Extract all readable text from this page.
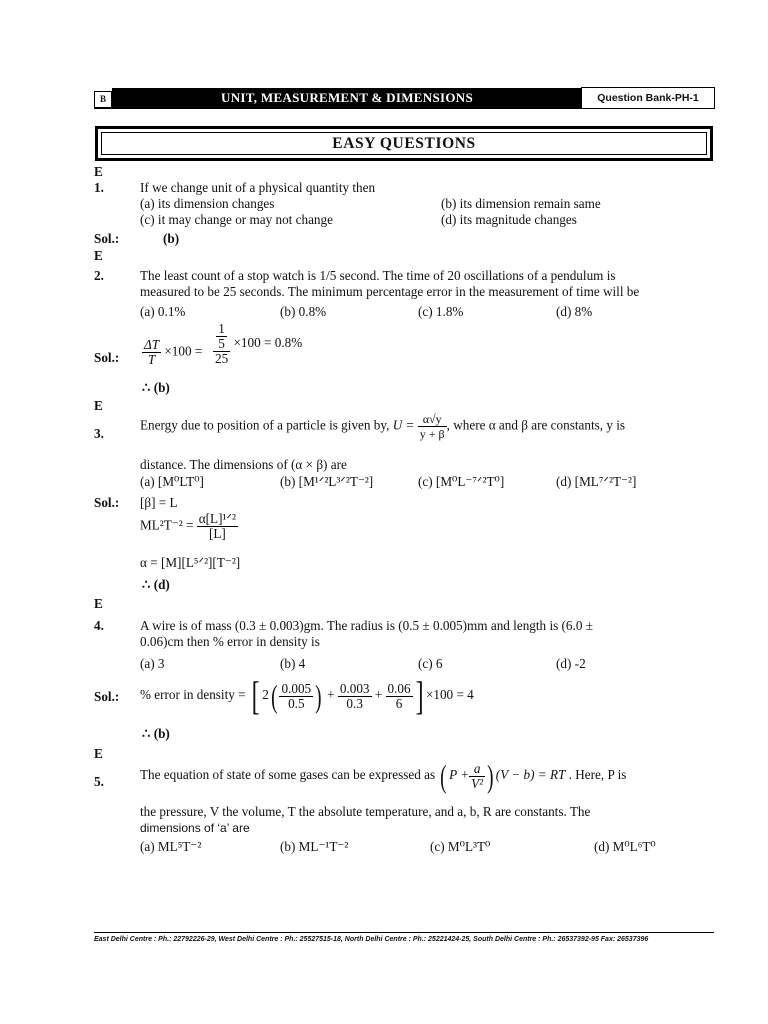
B	UNIT, MEASUREMENT & DIMENSIONS	Question Bank-PH-1
EASY QUESTIONS
E
1.	If we change unit of a physical quantity then
(a) its dimension changes	(b) its dimension remain same
(c) it may change or may not change	(d) its magnitude changes
Sol.:	(b)
E
2.	The least count of a stop watch is 1/5 second. The time of 20 oscillations of a pendulum is
measured to be 25 seconds. The minimum percentage error in the measurement of time will be
(a) 0.1%	(b) 0.8%	(c) 1.8%	(d) 8%
Sol.: $\frac{\Delta T}{T} \times 100 = \frac{\frac{1}{5}}{25} \times 100 = 0.8\%$
∴ (b)
E
3.
Energy due to position of a particle is given by, $U = \frac{\alpha√y}{y + \beta}$ , where α and β are constants, y is
distance. The dimensions of (α × β) are
(a) [M⁰LT⁰]	(b) [M¹ᐟ²L³ᐟ²T⁻²]	(c) [M⁰L⁻⁷ᐟ²T⁰]	(d) [ML⁷ᐟ²T⁻²]
Sol.: [β] = L
$ML^2T^{-2} = \frac{\text{α[L]¹ᐟ²}}{[L]}$
α = [M][L⁵ᐟ²][T⁻²]
∴ (d)
E
4.	A wire is of mass (0.3 ± 0.003)gm. The radius is (0.5 ± 0.005)mm and length is (6.0 ±
0.06)cm then % error in density is
(a) 3	(b) 4	(c) 6	(d) -2
Sol.: % error in density = [ $2( \frac{0.005}{0.5}$ ) + $\frac{0.003}{0.3} + \frac{0.06}{6}$ ] ×100 = 4
∴ (b)
E
5.	The equation of state of some gases can be expressed as ( $P + \frac{a}{\text{V²}}$ ) (V − b) = RT . Here, P is
the pressure, V the volume, T the absolute temperature, and a, b, R are constants. The
dimensions of ‘a’ are
(a) ML⁵T⁻²	(b) ML⁻¹T⁻²	(c) M⁰L³T⁰	(d) M⁰L⁶T⁰
East Delhi Centre : Ph.: 22792226-29, West Delhi Centre : Ph.: 25527515-18, North Delhi Centre : Ph.: 25221424-25, South Delhi Centre : Ph.: 26537392-95 Fax: 26537396
